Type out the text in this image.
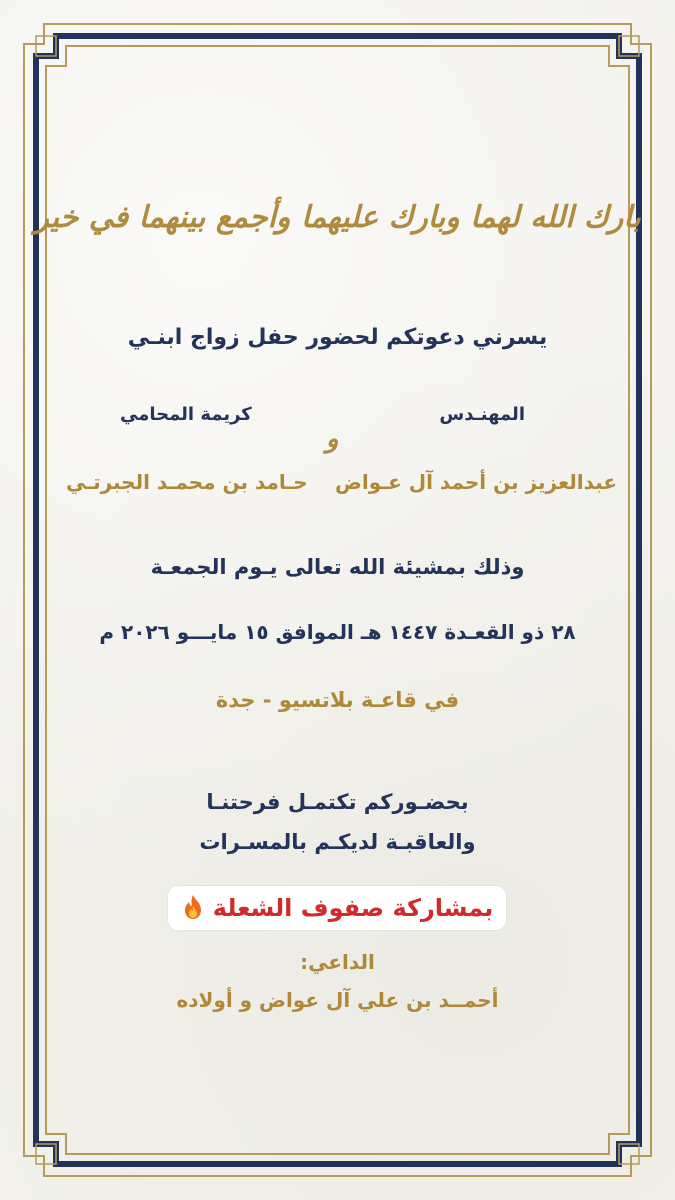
بارك الله لهما وبارك عليهما وأجمع بينهما في خير
يسرني دعوتكم لحضور حفل زواج ابنـي
المهنـدس
كريمة المحامي
و
عبدالعزيز بن أحمد آل عـواض
حـامد بن محمـد الجبرتـي
وذلك بمشيئة الله تعالى يـوم الجمعـة
٢٨ ذو القعـدة ١٤٤٧ هـ الموافق ١٥ مايـــو ٢٠٢٦ م
في قاعـة بلاتسيو - جدة
بحضـوركم تكتمـل فرحتنـا
والعاقبـة لديكـم بالمسـرات
بمشاركة صفوف الشعلة
الداعي:
أحمــد بن علي آل عواض و أولاده
